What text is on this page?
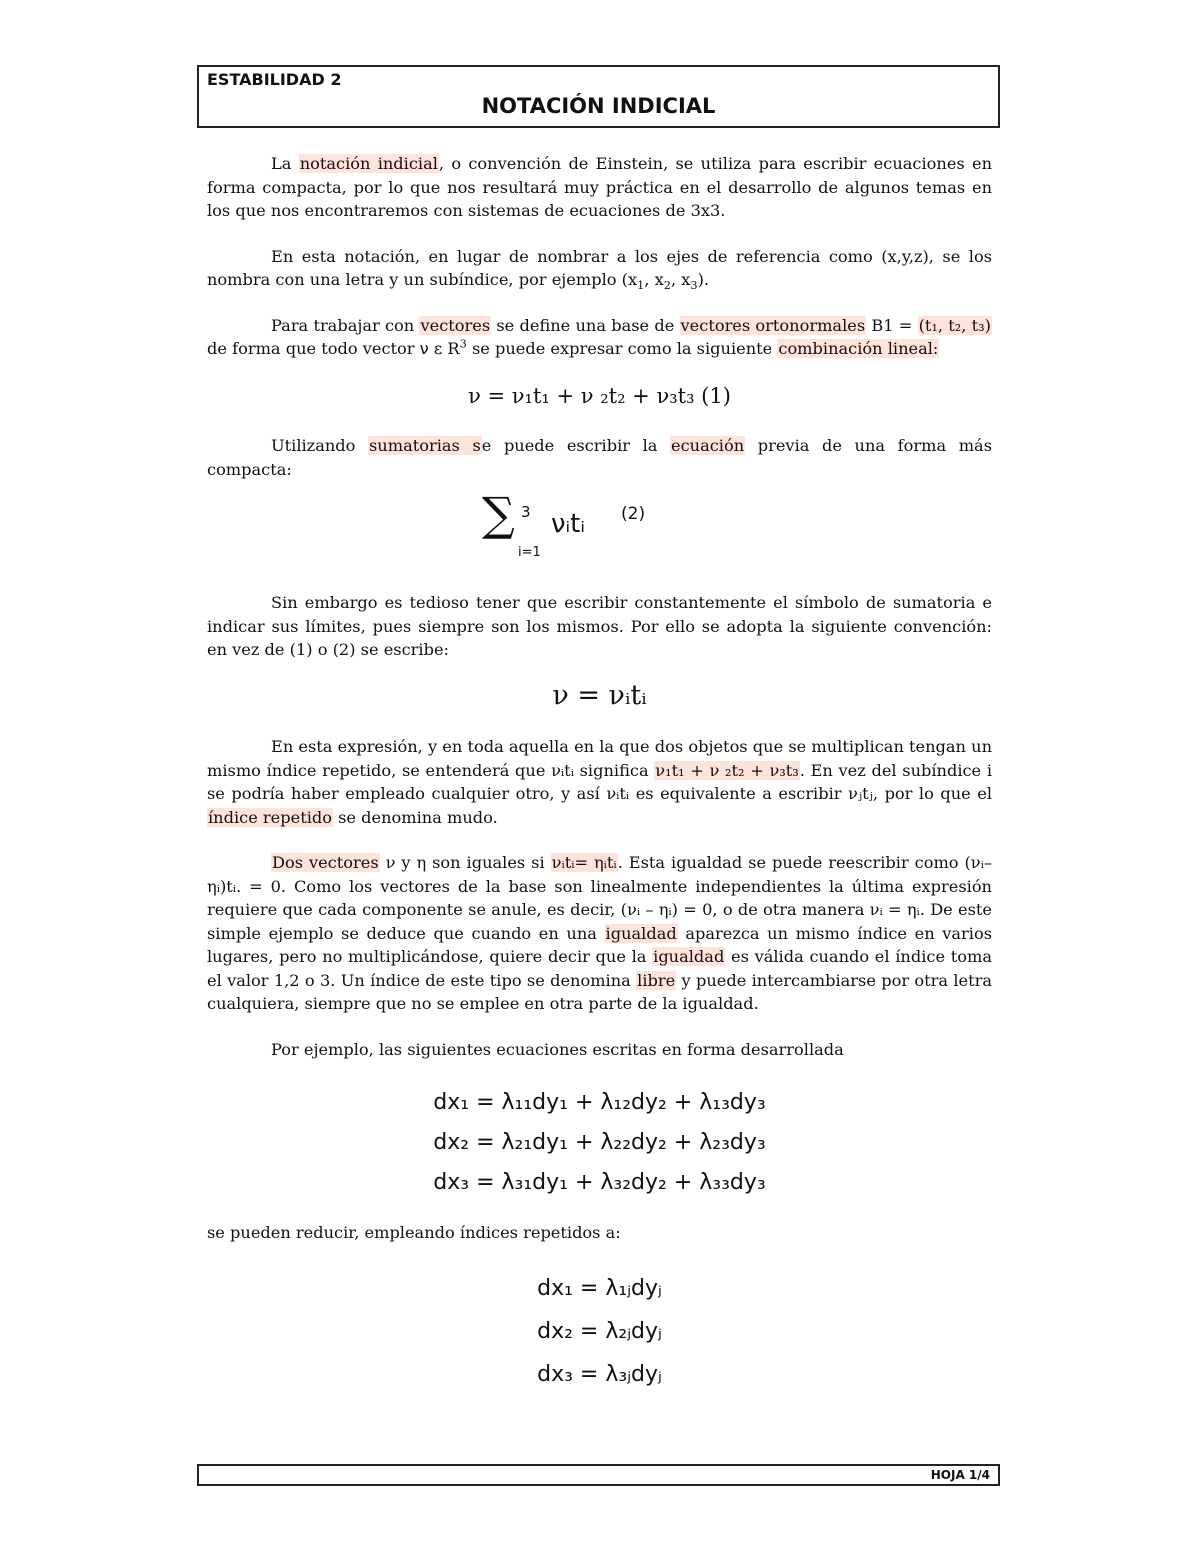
ESTABILIDAD 2
NOTACIÓN INDICIAL

La notación indicial, o convención de Einstein, se utiliza para escribir ecuaciones en forma compacta, por lo que nos resultará muy práctica en el desarrollo de algunos temas en los que nos encontraremos con sistemas de ecuaciones de 3x3.

En esta notación, en lugar de nombrar a los ejes de referencia como (x,y,z), se los nombra con una letra y un subíndice, por ejemplo ($x_1$, $x_2$, $x_3$).

Para trabajar con vectores se define una base de vectores ortonormales B1 = (t₁, t₂, t₃) de forma que todo vector ν ε $R^3$ se puede expresar como la siguiente combinación lineal:

ν = ν₁t₁ + ν ₂t₂ + ν₃t₃ (1)

Utilizando sumatorias se puede escribir la ecuación previa de una forma más compacta:

∑ 3
i=1
νᵢtᵢ (2)

Sin embargo es tedioso tener que escribir constantemente el símbolo de sumatoria e indicar sus límites, pues siempre son los mismos. Por ello se adopta la siguiente convención: en vez de (1) o (2) se escribe:

ν = νᵢtᵢ

En esta expresión, y en toda aquella en la que dos objetos que se multiplican tengan un mismo índice repetido, se entenderá que νᵢtᵢ significa ν₁t₁ + ν ₂t₂ + ν₃t₃. En vez del subíndice i se podría haber empleado cualquier otro, y así νᵢtᵢ es equivalente a escribir νⱼtⱼ, por lo que el índice repetido se denomina mudo.

Dos vectores ν y η son iguales si νᵢtᵢ= ηᵢtᵢ. Esta igualdad se puede reescribir como (νᵢ– ηᵢ)tᵢ. = 0. Como los vectores de la base son linealmente independientes la última expresión requiere que cada componente se anule, es decir, (νᵢ – ηᵢ) = 0, o de otra manera νᵢ = ηᵢ. De este simple ejemplo se deduce que cuando en una igualdad aparezca un mismo índice en varios lugares, pero no multiplicándose, quiere decir que la igualdad es válida cuando el índice toma el valor 1,2 o 3. Un índice de este tipo se denomina libre y puede intercambiarse por otra letra cualquiera, siempre que no se emplee en otra parte de la igualdad.

Por ejemplo, las siguientes ecuaciones escritas en forma desarrollada

dx₁ = λ₁₁dy₁ + λ₁₂dy₂ + λ₁₃dy₃
dx₂ = λ₂₁dy₁ + λ₂₂dy₂ + λ₂₃dy₃
dx₃ = λ₃₁dy₁ + λ₃₂dy₂ + λ₃₃dy₃

se pueden reducir, empleando índices repetidos a:

dx₁ = λ₁ⱼdyⱼ
dx₂ = λ₂ⱼdyⱼ
dx₃ = λ₃ⱼdyⱼ
HOJA 1/4
